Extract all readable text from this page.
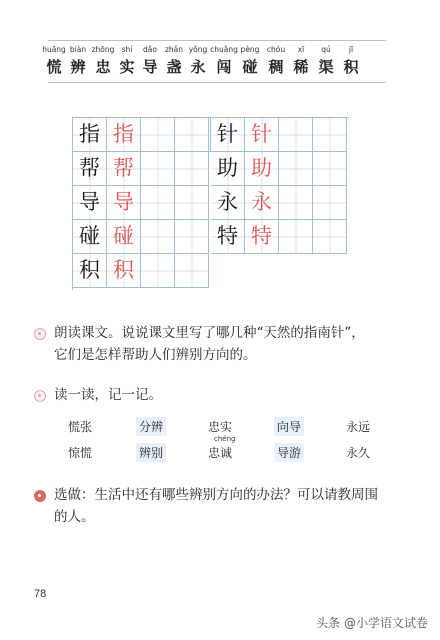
huāng biàn zhōng shí dǎo zhǎn yǒng chuǎng pèng chóu xī qú jī
慌 辨 忠 实 导 盏 永 闯 碰 稠 稀 渠 积
指 指
帮 帮
导 导
碰 碰
积 积
针 针
助 助
永 永
特 特
朗读课文。说说课文里写了哪几种“天然的指南针”，
它们是怎样帮助人们辨别方向的。
读一读，记一记。
慌张	分辨	忠实	向导	永远
chéng
惊慌	辨别	忠诚	导游	永久
选做：生活中还有哪些辨别方向的办法？可以请教周围
的人。
78
头条 @小学语文试卷
